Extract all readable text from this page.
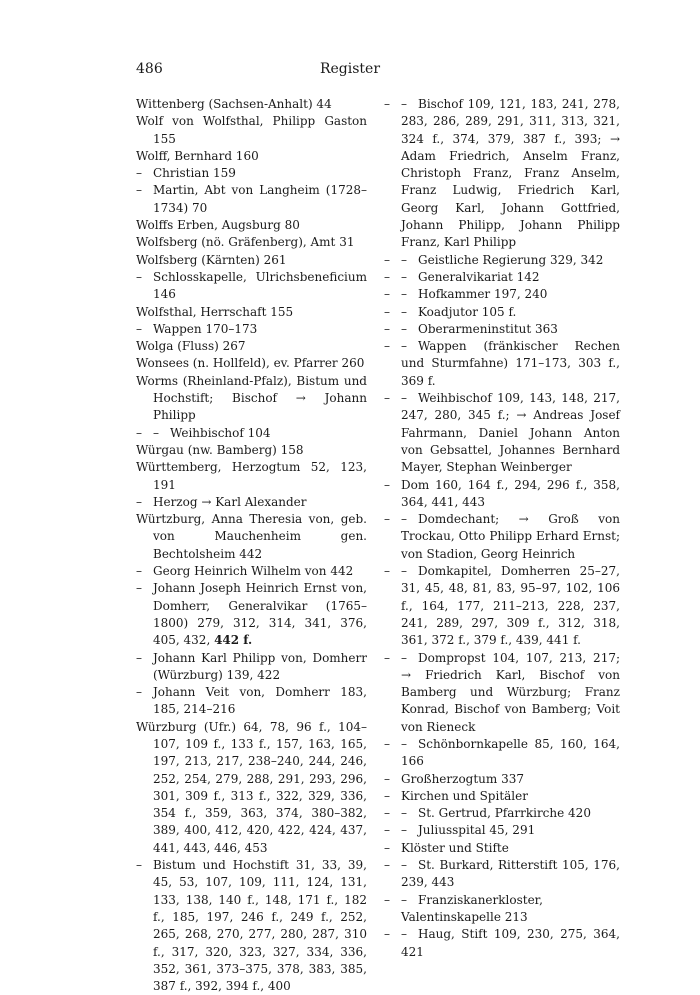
486	Register

Wittenberg (Sachsen-Anhalt) 44

Wolf von Wolfsthal, Philipp Gaston 155

Wolff, Bernhard 160

– Christian 159

– Martin, Abt von Langheim (1728–1734) 70

Wolffs Erben, Augsburg 80

Wolfsberg (nö. Gräfenberg), Amt 31

Wolfsberg (Kärnten) 261

– Schlosskapelle, Ulrichsbeneficium 146

Wolfsthal, Herrschaft 155

– Wappen 170–173

Wolga (Fluss) 267

Wonsees (n. Hollfeld), ev. Pfarrer 260

Worms (Rheinland-Pfalz), Bistum und Hochstift; Bischof → Johann Philipp

– – Weihbischof 104

Würgau (nw. Bamberg) 158

Württemberg, Herzogtum 52, 123, 191

– Herzog → Karl Alexander

Würtzburg, Anna Theresia von, geb. von Mauchenheim gen. Bechtolsheim 442

– Georg Heinrich Wilhelm von 442

– Johann Joseph Heinrich Ernst von, Domherr, Generalvikar (1765–1800) 279, 312, 314, 341, 376, 405, 432, 442 f.

– Johann Karl Philipp von, Domherr (Würzburg) 139, 422

– Johann Veit von, Domherr 183, 185, 214–216

Würzburg (Ufr.) 64, 78, 96 f., 104–107, 109 f., 133 f., 157, 163, 165, 197, 213, 217, 238–240, 244, 246, 252, 254, 279, 288, 291, 293, 296, 301, 309 f., 313 f., 322, 329, 336, 354 f., 359, 363, 374, 380–382, 389, 400, 412, 420, 422, 424, 437, 441, 443, 446, 453

– Bistum und Hochstift 31, 33, 39, 45, 53, 107, 109, 111, 124, 131, 133, 138, 140 f., 148, 171 f., 182 f., 185, 197, 246 f., 249 f., 252, 265, 268, 270, 277, 280, 287, 310 f., 317, 320, 323, 327, 334, 336, 352, 361, 373–375, 378, 383, 385, 387 f., 392, 394 f., 400

– – Bischof 109, 121, 183, 241, 278, 283, 286, 289, 291, 311, 313, 321, 324 f., 374, 379, 387 f., 393; → Adam Friedrich, Anselm Franz, Christoph Franz, Franz Anselm, Franz Ludwig, Friedrich Karl, Georg Karl, Johann Gottfried, Johann Philipp, Johann Philipp Franz, Karl Philipp

– – Geistliche Regierung 329, 342

– – Generalvikariat 142

– – Hofkammer 197, 240

– – Koadjutor 105 f.

– – Oberarmeninstitut 363

– – Wappen (fränkischer Rechen und Sturmfahne) 171–173, 303 f., 369 f.

– – Weihbischof 109, 143, 148, 217, 247, 280, 345 f.; → Andreas Josef Fahrmann, Daniel Johann Anton von Gebsattel, Johannes Bernhard Mayer, Stephan Weinberger

– Dom 160, 164 f., 294, 296 f., 358, 364, 441, 443

– – Domdechant; → Groß von Trockau, Otto Philipp Erhard Ernst; von Stadion, Georg Heinrich

– – Domkapitel, Domherren 25–27, 31, 45, 48, 81, 83, 95–97, 102, 106 f., 164, 177, 211–213, 228, 237, 241, 289, 297, 309 f., 312, 318, 361, 372 f., 379 f., 439, 441 f.

– – Dompropst 104, 107, 213, 217; → Friedrich Karl, Bischof von Bamberg und Würzburg; Franz Konrad, Bischof von Bamberg; Voit von Rieneck

– – Schönbornkapelle 85, 160, 164, 166

– Großherzogtum 337

– Kirchen und Spitäler

– – St. Gertrud, Pfarrkirche 420

– – Juliusspital 45, 291

– Klöster und Stifte

– – St. Burkard, Ritterstift 105, 176, 239, 443

– – Franziskanerkloster, Valentinskapelle 213

– – Haug, Stift 109, 230, 275, 364, 421
